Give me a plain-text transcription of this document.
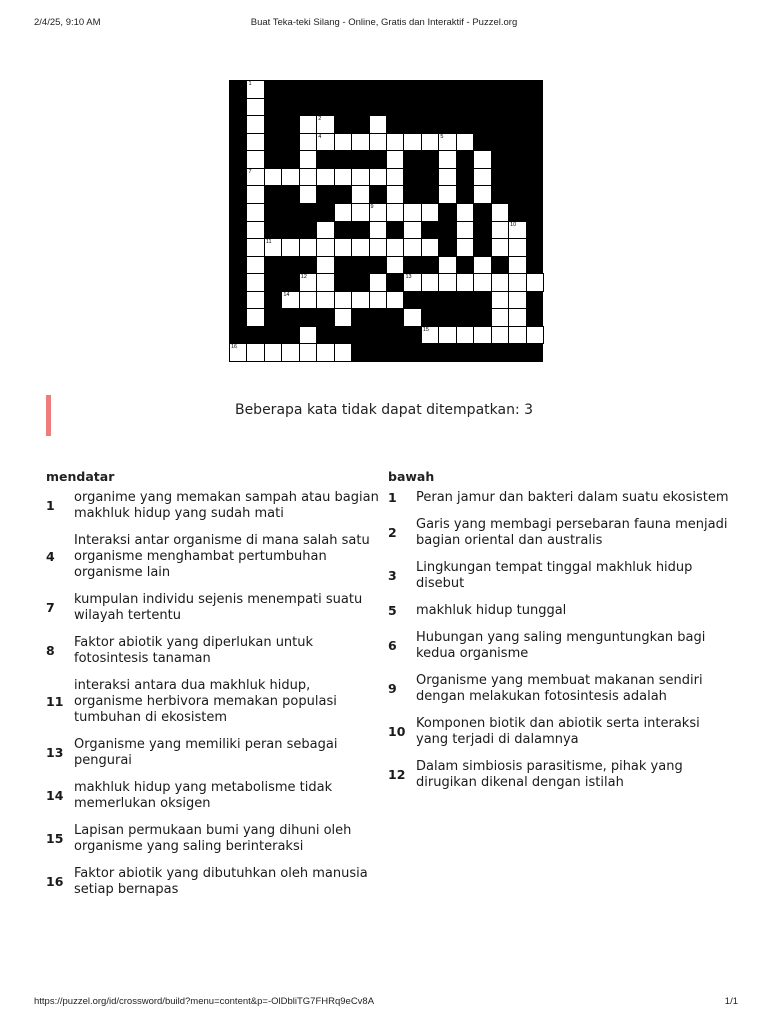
Buat Teka-teki Silang - Online, Gratis dan Interaktif - Puzzel.org
2/4/25, 9:10 AM
1
2	3
4	5	6
7
8	9
10
11
12	13
14
15
16
Beberapa kata tidak dapat ditempatkan: 3
mendatar
1
organime yang memakan sampah atau bagian makhluk hidup yang sudah mati
4
Interaksi antar organisme di mana salah satu organisme menghambat pertumbuhan organisme lain
7
kumpulan individu sejenis menempati suatu wilayah tertentu
8
Faktor abiotik yang diperlukan untuk fotosintesis tanaman
11
interaksi antara dua makhluk hidup, organisme herbivora memakan populasi tumbuhan di ekosistem
13
Organisme yang memiliki peran sebagai pengurai
14
makhluk hidup yang metabolisme tidak memerlukan oksigen
15
Lapisan permukaan bumi yang dihuni oleh organisme yang saling berinteraksi
16
Faktor abiotik yang dibutuhkan oleh manusia setiap bernapas
bawah
1	Peran jamur dan bakteri dalam suatu ekosistem
2
Garis yang membagi persebaran fauna menjadi bagian oriental dan australis
3
Lingkungan tempat tinggal makhluk hidup disebut
5	makhluk hidup tunggal
6
Hubungan yang saling menguntungkan bagi kedua organisme
9
Organisme yang membuat makanan sendiri dengan melakukan fotosintesis adalah
10
Komponen biotik dan abiotik serta interaksi yang terjadi di dalamnya
12
Dalam simbiosis parasitisme, pihak yang dirugikan dikenal dengan istilah
https://puzzel.org/id/crossword/build?menu=content&p=-OlDbliTG7FHRq9eCv8A	1/1
